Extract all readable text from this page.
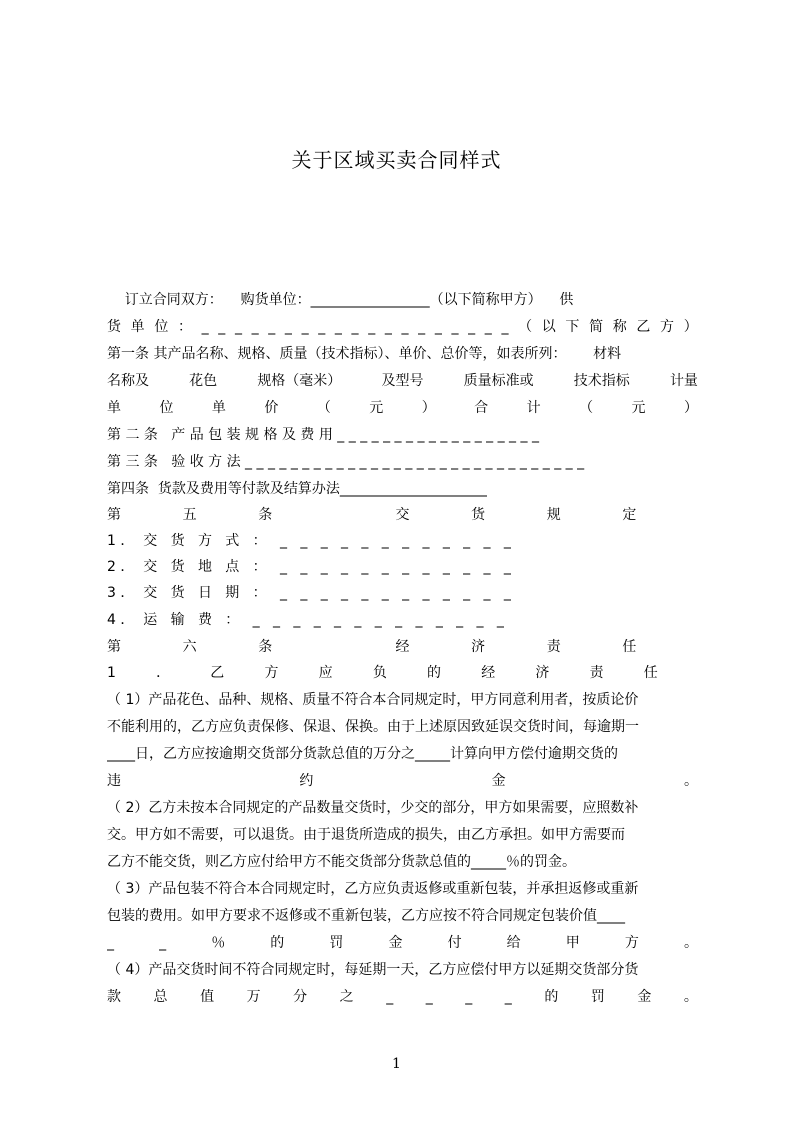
关于区域买卖合同样式
订立合同双方：    购货单位：_________________（以下简称甲方）    供
货 单 位 ： _ _ _ _ _ _ _ _ _ _ _ _ _ _ _ _ _ _ _ （ 以 下 简 称 乙 方 ）
第一条 其产品名称、规格、质量（技术指标）、单价、总价等，如表所列：      材料
名称及	花色	规格（毫米）	及型号	质量标准或	技术指标	计量
单	位	单	价	（	元	）	合	计	（	元	）
第 二 条   产 品 包 装 规 格 及 费 用 _ _ _ _ _ _ _ _ _ _ _ _ _ _ _ _ _ _
第 三 条   验 收 方 法 _ _ _ _ _ _ _ _ _ _ _ _ _ _ _ _ _ _ _ _ _ _ _ _ _ _ _ _ _ _
第四条  货款及费用等付款及结算办法_____________________
第	五	条	交	货	规	定
1 ．  交   货   方   式   ：   _   _   _   _   _   _   _   _   _   _   _   _
2 ．  交   货   地   点   ：   _   _   _   _   _   _   _   _   _   _   _   _
3 ．  交   货   日   期   ：   _   _   _   _   _   _   _   _   _   _   _   _
4 ．  运   输   费   ：   _   _   _   _   _   _   _   _   _   _   _   _   _
第	六	条	经	济	责	任
1	．	乙	方	应	负	的	经	济	责	任
（ 1）产品花色、品种、规格、质量不符合本合同规定时，甲方同意利用者，按质论价
不能利用的，乙方应负责保修、保退、保换。由于上述原因致延误交货时间，每逾期一
____日，乙方应按逾期交货部分货款总值的万分之_____计算向甲方偿付逾期交货的
违	约	金	。
（ 2）乙方未按本合同规定的产品数量交货时，少交的部分，甲方如果需要，应照数补
交。甲方如不需要，可以退货。由于退货所造成的损失，由乙方承担。如甲方需要而
乙方不能交货，则乙方应付给甲方不能交货部分货款总值的_____％的罚金。
（ 3）产品包装不符合本合同规定时，乙方应负责返修或重新包装，并承担返修或重新
包装的费用。如甲方要求不返修或不重新包装，乙方应按不符合同规定包装价值____
_	_	％	的	罚	金	付	给	甲	方	。
（ 4）产品交货时间不符合同规定时，每延期一天，乙方应偿付甲方以延期交货部分货
款 总 值 万 分 之 _ _ _ _ 的 罚 金 。
1
